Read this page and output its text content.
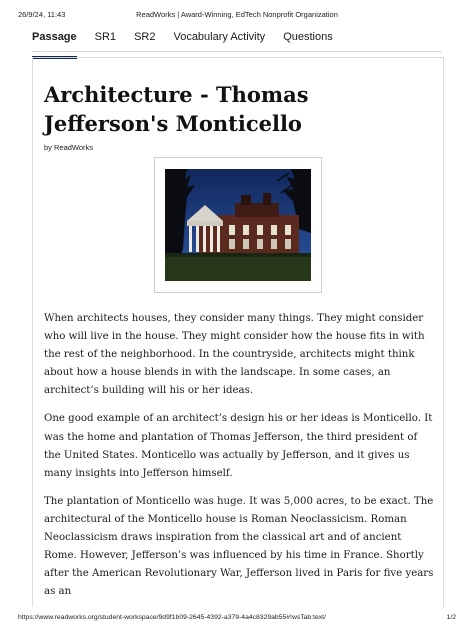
26/9/24, 11:43	ReadWorks | Award-Winning, EdTech Nonprofit Organization
Passage SR1 SR2 Vocabulary Activity Questions
Architecture - Thomas Jefferson's Monticello
by ReadWorks

When architects houses, they consider many things. They might consider who will live in the house. They might consider how the house fits in with the rest of the neighborhood. In the countryside, architects might think about how a house blends in with the landscape. In some cases, an architect’s building will his or her ideas.

One good example of an architect’s design his or her ideas is Monticello. It was the home and plantation of Thomas Jefferson, the third president of the United States. Monticello was actually by Jefferson, and it gives us many insights into Jefferson himself.

The plantation of Monticello was huge. It was 5,000 acres, to be exact. The architectural of the Monticello house is Roman Neoclassicism. Roman Neoclassicism draws inspiration from the classical art and of ancient Rome. However, Jefferson’s was influenced by his time in France. Shortly after the American Revolutionary War, Jefferson lived in Paris for five years as an

https://www.readworks.org/student-workspace/9d9f1b09-2645-4392-a379-4a4c8329ab55#!wsTab:text/	1/2
